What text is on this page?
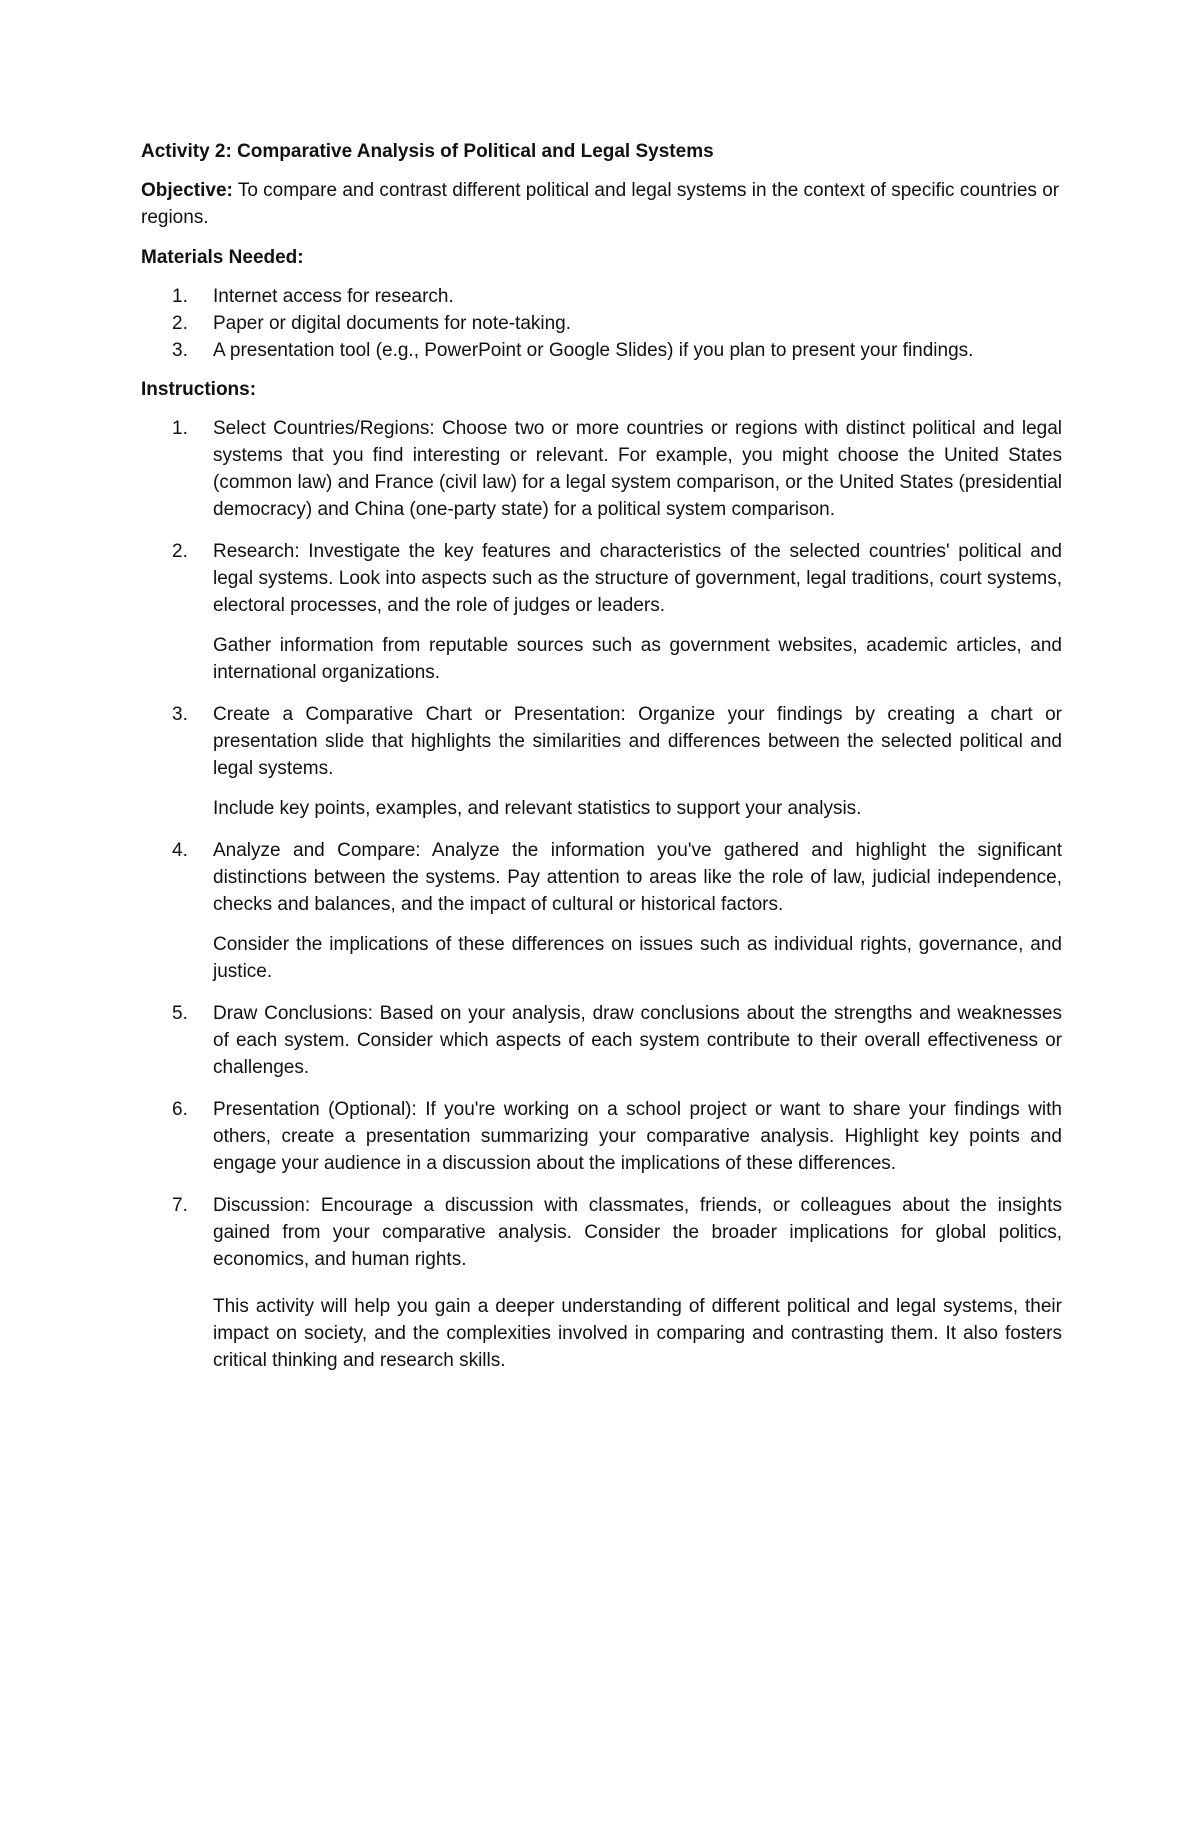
Activity 2: Comparative Analysis of Political and Legal Systems
Objective: To compare and contrast different political and legal systems in the context of specific countries or regions.
Materials Needed:
1. Internet access for research.
2. Paper or digital documents for note-taking.
3. A presentation tool (e.g., PowerPoint or Google Slides) if you plan to present your findings.
Instructions:
1. Select Countries/Regions: Choose two or more countries or regions with distinct political and legal systems that you find interesting or relevant. For example, you might choose the United States (common law) and France (civil law) for a legal system comparison, or the United States (presidential democracy) and China (one-party state) for a political system comparison.

2. Research: Investigate the key features and characteristics of the selected countries' political and legal systems. Look into aspects such as the structure of government, legal traditions, court systems, electoral processes, and the role of judges or leaders.

Gather information from reputable sources such as government websites, academic articles, and international organizations.

3. Create a Comparative Chart or Presentation: Organize your findings by creating a chart or presentation slide that highlights the similarities and differences between the selected political and legal systems.

Include key points, examples, and relevant statistics to support your analysis.

4. Analyze and Compare: Analyze the information you've gathered and highlight the significant distinctions between the systems. Pay attention to areas like the role of law, judicial independence, checks and balances, and the impact of cultural or historical factors.

Consider the implications of these differences on issues such as individual rights, governance, and justice.

5. Draw Conclusions: Based on your analysis, draw conclusions about the strengths and weaknesses of each system. Consider which aspects of each system contribute to their overall effectiveness or challenges.

6. Presentation (Optional): If you're working on a school project or want to share your findings with others, create a presentation summarizing your comparative analysis. Highlight key points and engage your audience in a discussion about the implications of these differences.

7. Discussion: Encourage a discussion with classmates, friends, or colleagues about the insights gained from your comparative analysis. Consider the broader implications for global politics, economics, and human rights.

This activity will help you gain a deeper understanding of different political and legal systems, their impact on society, and the complexities involved in comparing and contrasting them. It also fosters critical thinking and research skills.
